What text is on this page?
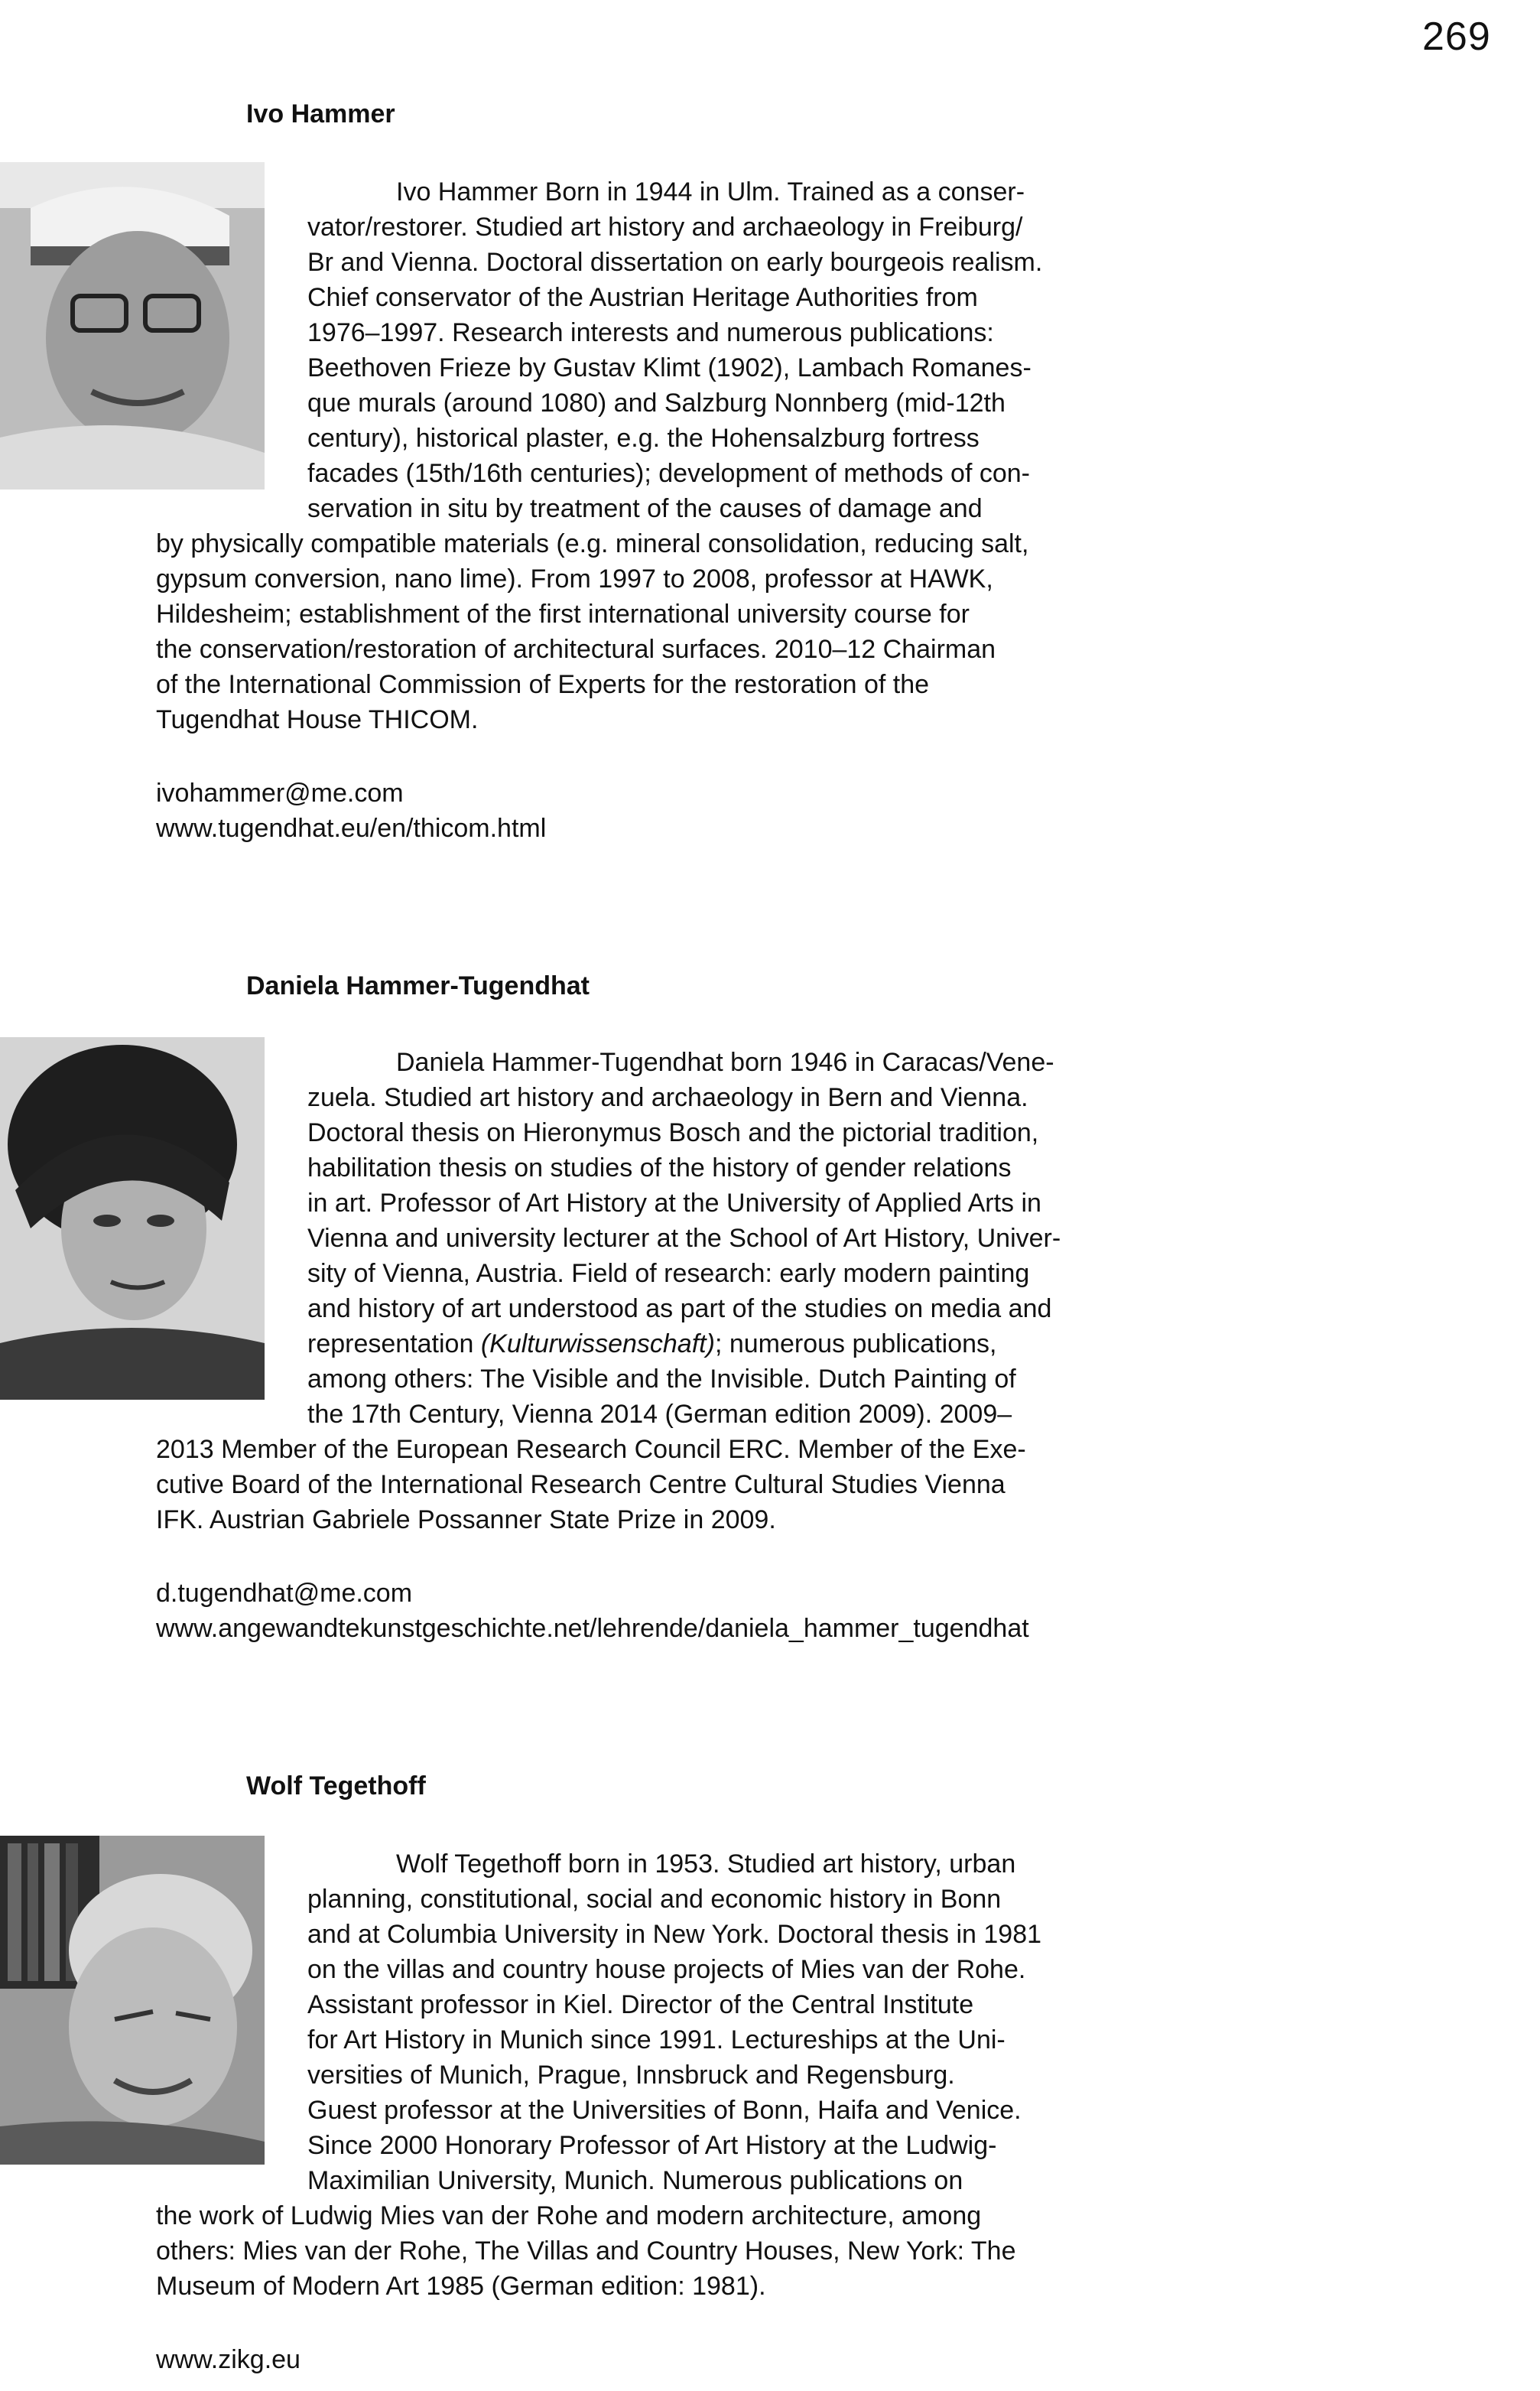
269
Ivo Hammer
Ivo Hammer Born in 1944 in Ulm. Trained as a conser-
vator/restorer. Studied art history and archaeology in Freiburg/
Br and Vienna. Doctoral dissertation on early bourgeois realism.
Chief conservator of the Austrian Heritage Authorities from
1976–1997. Research interests and numerous publications:
Beethoven Frieze by Gustav Klimt (1902), Lambach Romanes-
que murals (around 1080) and Salzburg Nonnberg (mid-12th
century), historical plaster, e.g. the Hohensalzburg fortress
facades (15th/16th centuries); development of methods of con-
servation in situ by treatment of the causes of damage and
by physically compatible materials (e.g. mineral consolidation, reducing salt,
gypsum conversion, nano lime). From 1997 to 2008, professor at HAWK,
Hildesheim; establishment of the first international university course for
the conservation/restoration of architectural surfaces. 2010–12 Chairman
of the International Commission of Experts for the restoration of the
Tugendhat House THICOM.
ivohammer@me.com
www.tugendhat.eu/en/thicom.html
Daniela Hammer-Tugendhat
Daniela Hammer-Tugendhat born 1946 in Caracas/Vene-
zuela. Studied art history and archaeology in Bern and Vienna.
Doctoral thesis on Hieronymus Bosch and the pictorial tradition,
habilitation thesis on studies of the history of gender relations
in art. Professor of Art History at the University of Applied Arts in
Vienna and university lecturer at the School of Art History, Univer-
sity of Vienna, Austria. Field of research: early modern painting
and history of art understood as part of the studies on media and
representation (Kulturwissenschaft); numerous publications,
among others: The Visible and the Invisible. Dutch Painting of
the 17th Century, Vienna 2014 (German edition 2009). 2009–
2013 Member of the European Research Council ERC. Member of the Exe-
cutive Board of the International Research Centre Cultural Studies Vienna
IFK. Austrian Gabriele Possanner State Prize in 2009.
d.tugendhat@me.com
www.angewandtekunstgeschichte.net/lehrende/daniela_hammer_tugendhat
Wolf Tegethoff
Wolf Tegethoff born in 1953. Studied art history, urban
planning, constitutional, social and economic history in Bonn
and at Columbia University in New York. Doctoral thesis in 1981
on the villas and country house projects of Mies van der Rohe.
Assistant professor in Kiel. Director of the Central Institute
for Art History in Munich since 1991. Lectureships at the Uni-
versities of Munich, Prague, Innsbruck and Regensburg.
Guest professor at the Universities of Bonn, Haifa and Venice.
Since 2000 Honorary Professor of Art History at the Ludwig-
Maximilian University, Munich. Numerous publications on
the work of Ludwig Mies van der Rohe and modern architecture, among
others: Mies van der Rohe, The Villas and Country Houses, New York: The
Museum of Modern Art 1985 (German edition: 1981).
www.zikg.eu
